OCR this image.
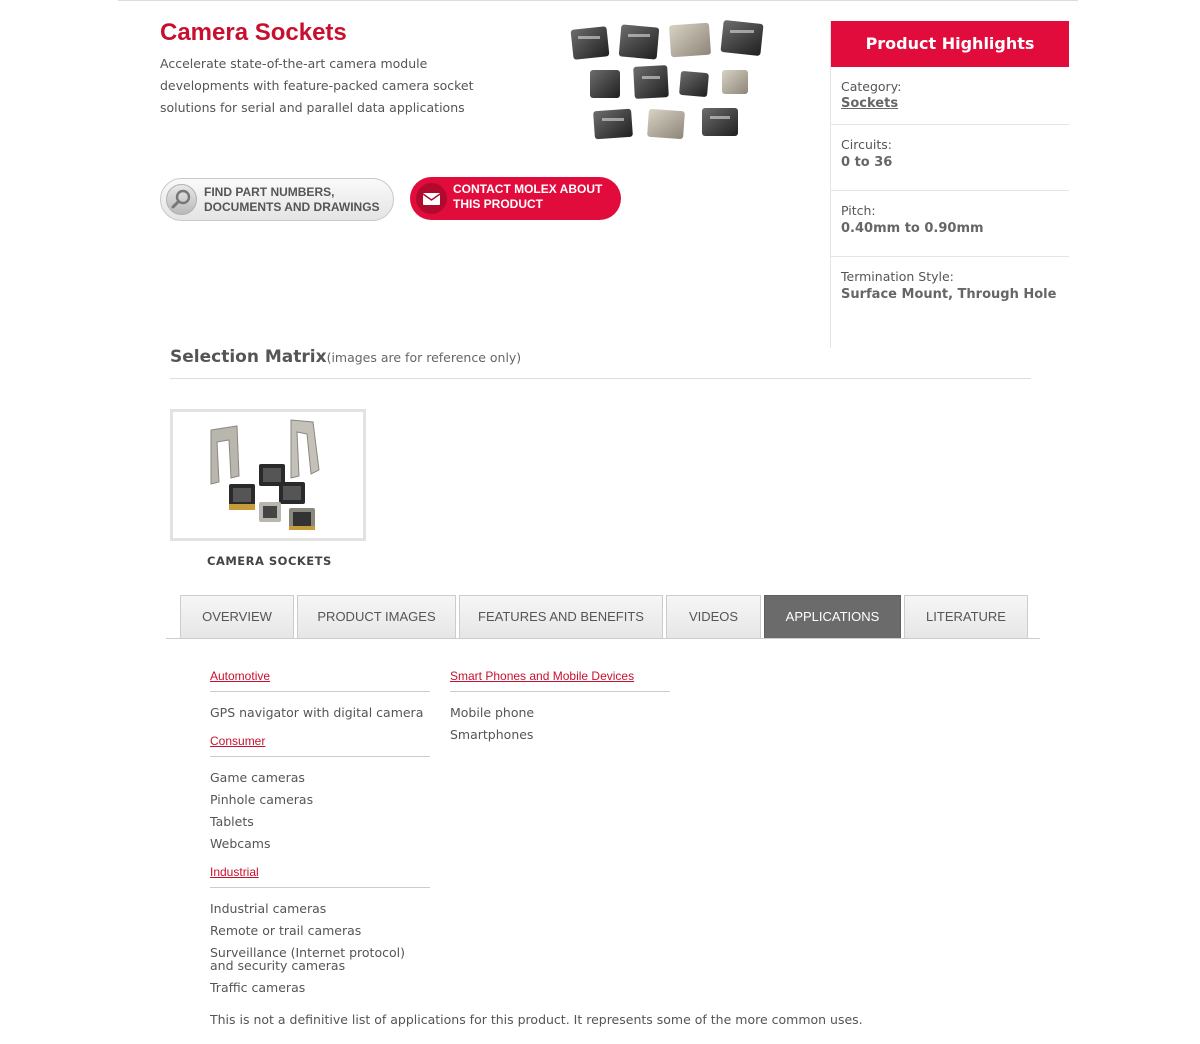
Camera Sockets

Accelerate state-of-the-art camera module developments with feature-packed camera socket solutions for serial and parallel data applications

FIND PART NUMBERS, DOCUMENTS AND DRAWINGS
CONTACT MOLEX ABOUT THIS PRODUCT
Product Highlights
Category:
Sockets
Circuits:
0 to 36
Pitch:
0.40mm to 0.90mm
Termination Style:
Surface Mount, Through Hole
Selection Matrix(images are for reference only)
CAMERA SOCKETS
OVERVIEW	PRODUCT IMAGES	FEATURES AND BENEFITS	VIDEOS	APPLICATIONS	LITERATURE
Automotive
GPS navigator with digital camera
Consumer
Game cameras
Pinhole cameras
Tablets
Webcams
Industrial
Industrial cameras
Remote or trail cameras
Surveillance (Internet protocol) and security cameras
Traffic cameras
Smart Phones and Mobile Devices
Mobile phone
Smartphones
This is not a definitive list of applications for this product. It represents some of the more common uses.
